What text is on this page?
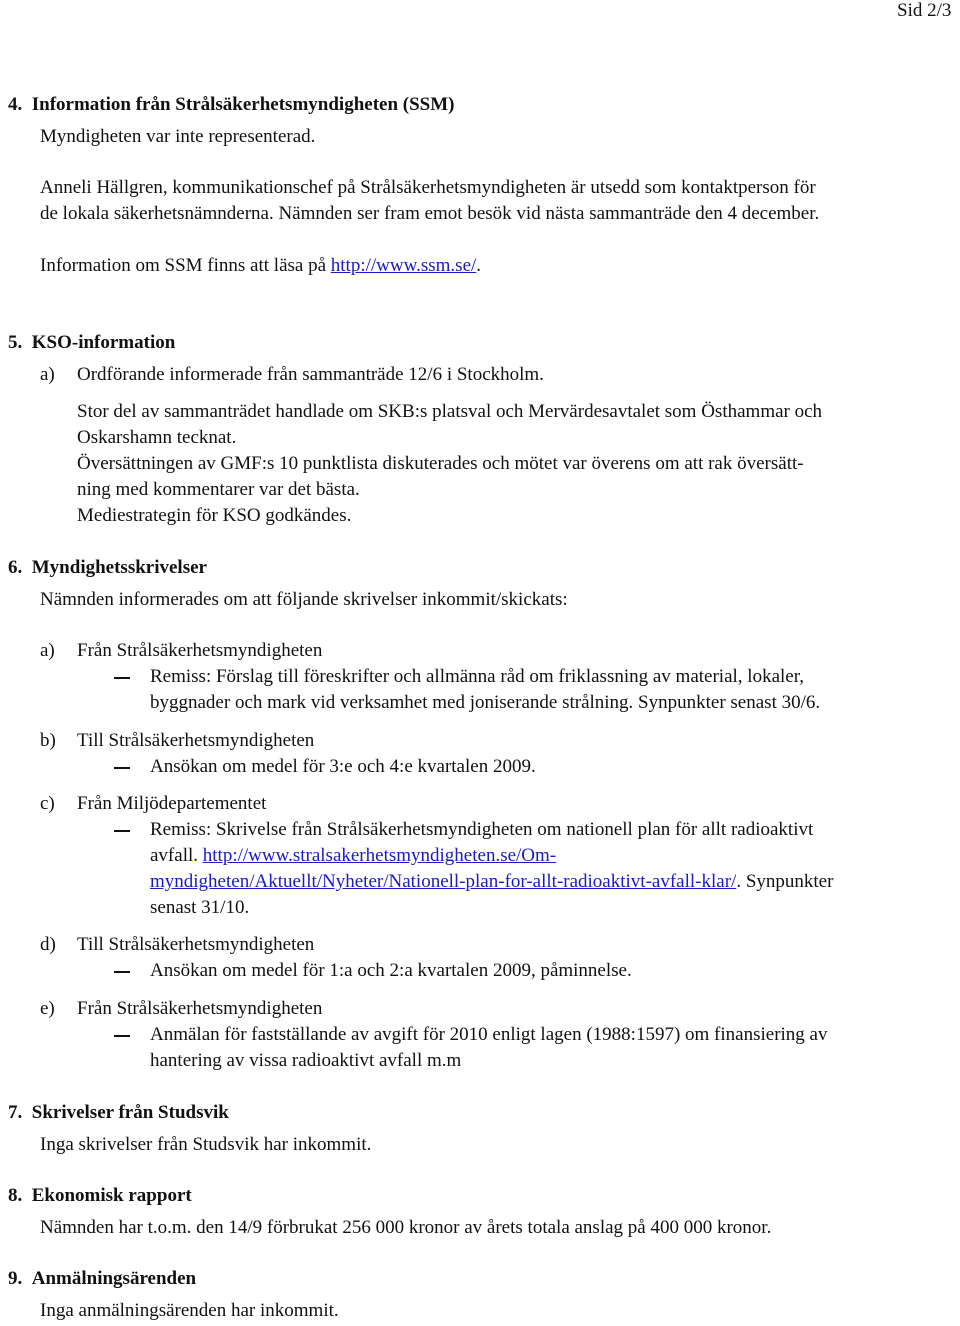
Sid 2/3
4. Information från Strålsäkerhetsmyndigheten (SSM)
Myndigheten var inte representerad.
Anneli Hällgren, kommunikationschef på Strålsäkerhetsmyndigheten är utsedd som kontaktperson för
de lokala säkerhetsnämnderna. Nämnden ser fram emot besök vid nästa sammanträde den 4 december.
Information om SSM finns att läsa på http://www.ssm.se/.
5. KSO-information
a) Ordförande informerade från sammanträde 12/6 i Stockholm.
Stor del av sammanträdet handlade om SKB:s platsval och Mervärdesavtalet som Östhammar och
Oskarshamn tecknat.
Översättningen av GMF:s 10 punktlista diskuterades och mötet var överens om att rak översätt-
ning med kommentarer var det bästa.
Mediestrategin för KSO godkändes.
6. Myndighetsskrivelser
Nämnden informerades om att följande skrivelser inkommit/skickats:
a) Från Strålsäkerhetsmyndigheten
Remiss: Förslag till föreskrifter och allmänna råd om friklassning av material, lokaler,
byggnader och mark vid verksamhet med joniserande strålning. Synpunkter senast 30/6.
b) Till Strålsäkerhetsmyndigheten
Ansökan om medel för 3:e och 4:e kvartalen 2009.
c) Från Miljödepartementet
Remiss: Skrivelse från Strålsäkerhetsmyndigheten om nationell plan för allt radioaktivt
avfall. http://www.stralsakerhetsmyndigheten.se/Om-
myndigheten/Aktuellt/Nyheter/Nationell-plan-for-allt-radioaktivt-avfall-klar/. Synpunkter
senast 31/10.
d) Till Strålsäkerhetsmyndigheten
Ansökan om medel för 1:a och 2:a kvartalen 2009, påminnelse.
e) Från Strålsäkerhetsmyndigheten
Anmälan för fastställande av avgift för 2010 enligt lagen (1988:1597) om finansiering av
hantering av vissa radioaktivt avfall m.m
7. Skrivelser från Studsvik
Inga skrivelser från Studsvik har inkommit.
8. Ekonomisk rapport
Nämnden har t.o.m. den 14/9 förbrukat 256 000 kronor av årets totala anslag på 400 000 kronor.
9. Anmälningsärenden
Inga anmälningsärenden har inkommit.
